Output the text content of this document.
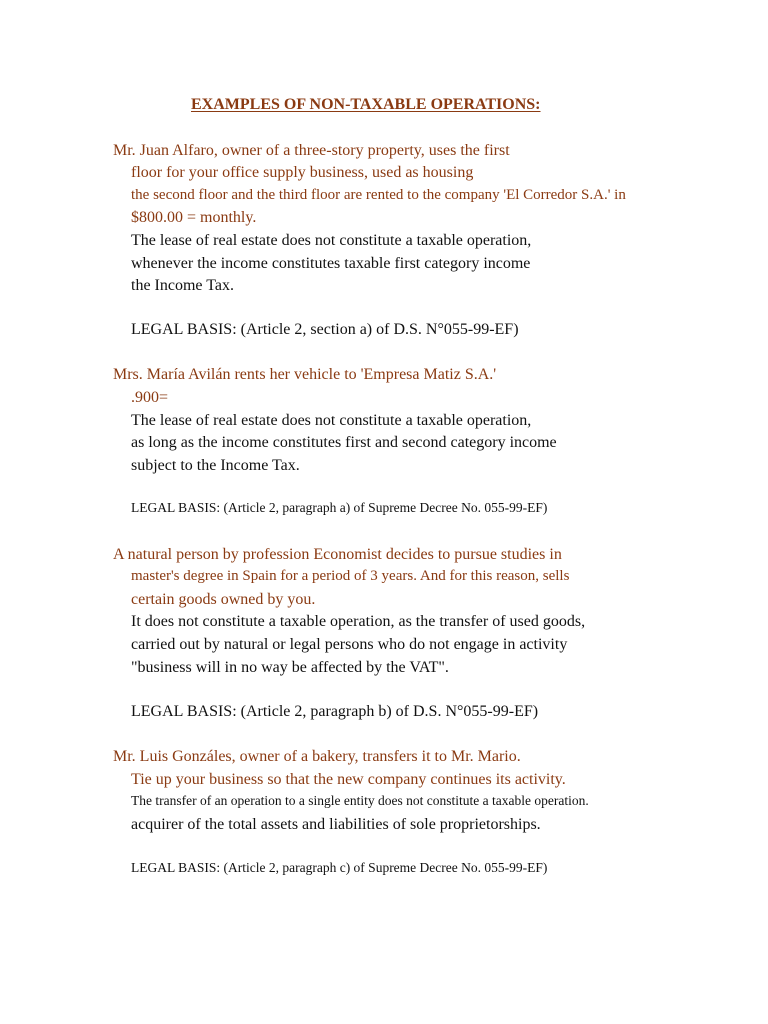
EXAMPLES OF NON-TAXABLE OPERATIONS:
Mr. Juan Alfaro, owner of a three-story property, uses the first
floor for your office supply business, used as housing
the second floor and the third floor are rented to the company 'El Corredor S.A.' in
$800.00 = monthly.
The lease of real estate does not constitute a taxable operation,
whenever the income constitutes taxable first category income
the Income Tax.
LEGAL BASIS: (Article 2, section a) of D.S. N°055-99-EF)
Mrs. María Avilán rents her vehicle to 'Empresa Matiz S.A.'
.900=
The lease of real estate does not constitute a taxable operation,
as long as the income constitutes first and second category income
subject to the Income Tax.
LEGAL BASIS: (Article 2, paragraph a) of Supreme Decree No. 055-99-EF)
A natural person by profession Economist decides to pursue studies in
master's degree in Spain for a period of 3 years. And for this reason, sells
certain goods owned by you.
It does not constitute a taxable operation, as the transfer of used goods,
carried out by natural or legal persons who do not engage in activity
"business will in no way be affected by the VAT".
LEGAL BASIS: (Article 2, paragraph b) of D.S. N°055-99-EF)
Mr. Luis Gonzáles, owner of a bakery, transfers it to Mr. Mario.
Tie up your business so that the new company continues its activity.
The transfer of an operation to a single entity does not constitute a taxable operation.
acquirer of the total assets and liabilities of sole proprietorships.
LEGAL BASIS: (Article 2, paragraph c) of Supreme Decree No. 055-99-EF)
